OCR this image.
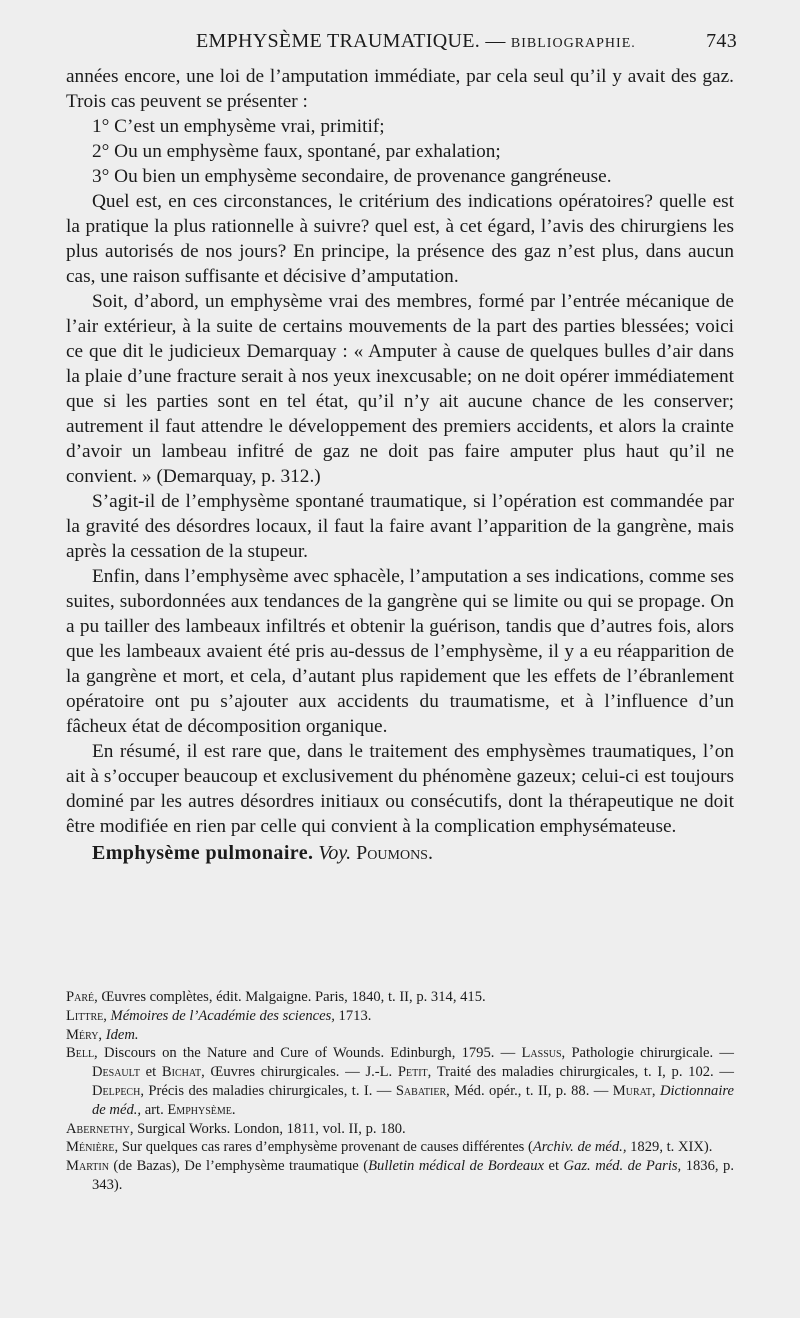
EMPHYSÈME TRAUMATIQUE. — BIBLIOGRAPHIE.	743

années encore, une loi de l’amputation immédiate, par cela seul qu’il y avait des gaz. Trois cas peuvent se présenter :

1° C’est un emphysème vrai, primitif;

2° Ou un emphysème faux, spontané, par exhalation;

3° Ou bien un emphysème secondaire, de provenance gangréneuse.

Quel est, en ces circonstances, le critérium des indications opératoires? quelle est la pratique la plus rationnelle à suivre? quel est, à cet égard, l’avis des chirurgiens les plus autorisés de nos jours? En principe, la présence des gaz n’est plus, dans aucun cas, une raison suffisante et décisive d’amputation.

Soit, d’abord, un emphysème vrai des membres, formé par l’entrée mécanique de l’air extérieur, à la suite de certains mouvements de la part des parties blessées; voici ce que dit le judicieux Demarquay : « Amputer à cause de quelques bulles d’air dans la plaie d’une fracture serait à nos yeux inexcusable; on ne doit opérer immédiatement que si les parties sont en tel état, qu’il n’y ait aucune chance de les conserver; autrement il faut attendre le développement des premiers accidents, et alors la crainte d’avoir un lambeau infitré de gaz ne doit pas faire amputer plus haut qu’il ne convient. » (Demarquay, p. 312.)

S’agit-il de l’emphysème spontané traumatique, si l’opération est commandée par la gravité des désordres locaux, il faut la faire avant l’apparition de la gangrène, mais après la cessation de la stupeur.

Enfin, dans l’emphysème avec sphacèle, l’amputation a ses indications, comme ses suites, subordonnées aux tendances de la gangrène qui se limite ou qui se propage. On a pu tailler des lambeaux infiltrés et obtenir la guérison, tandis que d’autres fois, alors que les lambeaux avaient été pris au-dessus de l’emphysème, il y a eu réapparition de la gangrène et mort, et cela, d’autant plus rapidement que les effets de l’ébranlement opératoire ont pu s’ajouter aux accidents du traumatisme, et à l’influence d’un fâcheux état de décomposition organique.

En résumé, il est rare que, dans le traitement des emphysèmes traumatiques, l’on ait à s’occuper beaucoup et exclusivement du phénomène gazeux; celui-ci est toujours dominé par les autres désordres initiaux ou consécutifs, dont la thérapeutique ne doit être modifiée en rien par celle qui convient à la complication emphysémateuse.

Emphysème pulmonaire. Voy. Poumons.

Paré, Œuvres complètes, édit. Malgaigne. Paris, 1840, t. II, p. 314, 415.

Littre, Mémoires de l’Académie des sciences, 1713.

Méry, Idem.

Bell, Discours on the Nature and Cure of Wounds. Edinburgh, 1795. — Lassus, Pathologie chirurgicale. — Desault et Bichat, Œuvres chirurgicales. — J.-L. Petit, Traité des maladies chirurgicales, t. I, p. 102. — Delpech, Précis des maladies chirurgicales, t. I. — Sabatier, Méd. opér., t. II, p. 88. — Murat, Dictionnaire de méd., art. Emphysème.

Abernethy, Surgical Works. London, 1811, vol. II, p. 180.

Ménière, Sur quelques cas rares d’emphysème provenant de causes différentes (Archiv. de méd., 1829, t. XIX).

Martin (de Bazas), De l’emphysème traumatique (Bulletin médical de Bordeaux et Gaz. méd. de Paris, 1836, p. 343).
